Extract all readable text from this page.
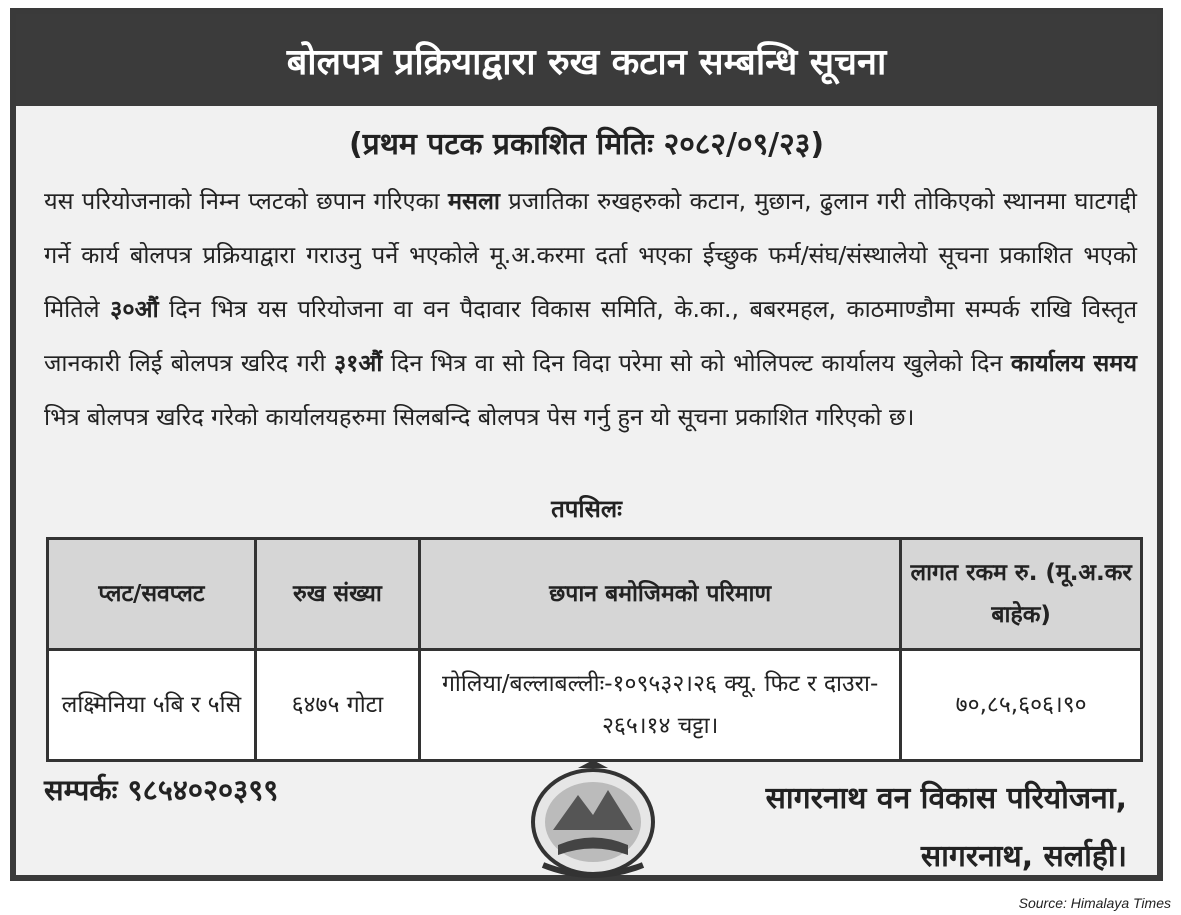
बोलपत्र प्रक्रियाद्वारा रुख कटान सम्बन्धि सूचना
(प्रथम पटक प्रकाशित मितिः २०८२/०९/२३)
यस परियोजनाको निम्न प्लटको छपान गरिएका मसला प्रजातिका रुखहरुको कटान, मुछान, ढुलान गरी तोकिएको स्थानमा घाटगद्दी गर्ने कार्य बोलपत्र प्रक्रियाद्वारा गराउनु पर्ने भएकोले मू.अ.करमा दर्ता भएका ईच्छुक फर्म/संघ/संस्थालेयो सूचना प्रकाशित भएको मितिले ३०औं दिन भित्र यस परियोजना वा वन पैदावार विकास समिति, के.का., बबरमहल, काठमाण्डौमा सम्पर्क राखि विस्तृत जानकारी लिई बोलपत्र खरिद गरी ३१औं दिन भित्र वा सो दिन विदा परेमा सो को भोलिपल्ट कार्यालय खुलेको दिन कार्यालय समय भित्र बोलपत्र खरिद गरेको कार्यालयहरुमा सिलबन्दि बोलपत्र पेस गर्नु हुन यो सूचना प्रकाशित गरिएको छ।
तपसिलः
प्लट/सवप्लट	रुख संख्या	छपान बमोजिमको परिमाण	लागत रकम रु. (मू.अ.कर बाहेक)
लक्ष्मिनिया ५बि र ५सि	६४७५ गोटा	गोलिया/बल्लाबल्लीः-१०९५३२।२६ क्यू. फिट र दाउरा- २६५।१४ चट्टा।	७०,८५,६०६।९०
सम्पर्कः ९८५४०२०३९९	सागरनाथ वन विकास परियोजना,
सागरनाथ, सर्लाही।
Source: Himalaya Times
